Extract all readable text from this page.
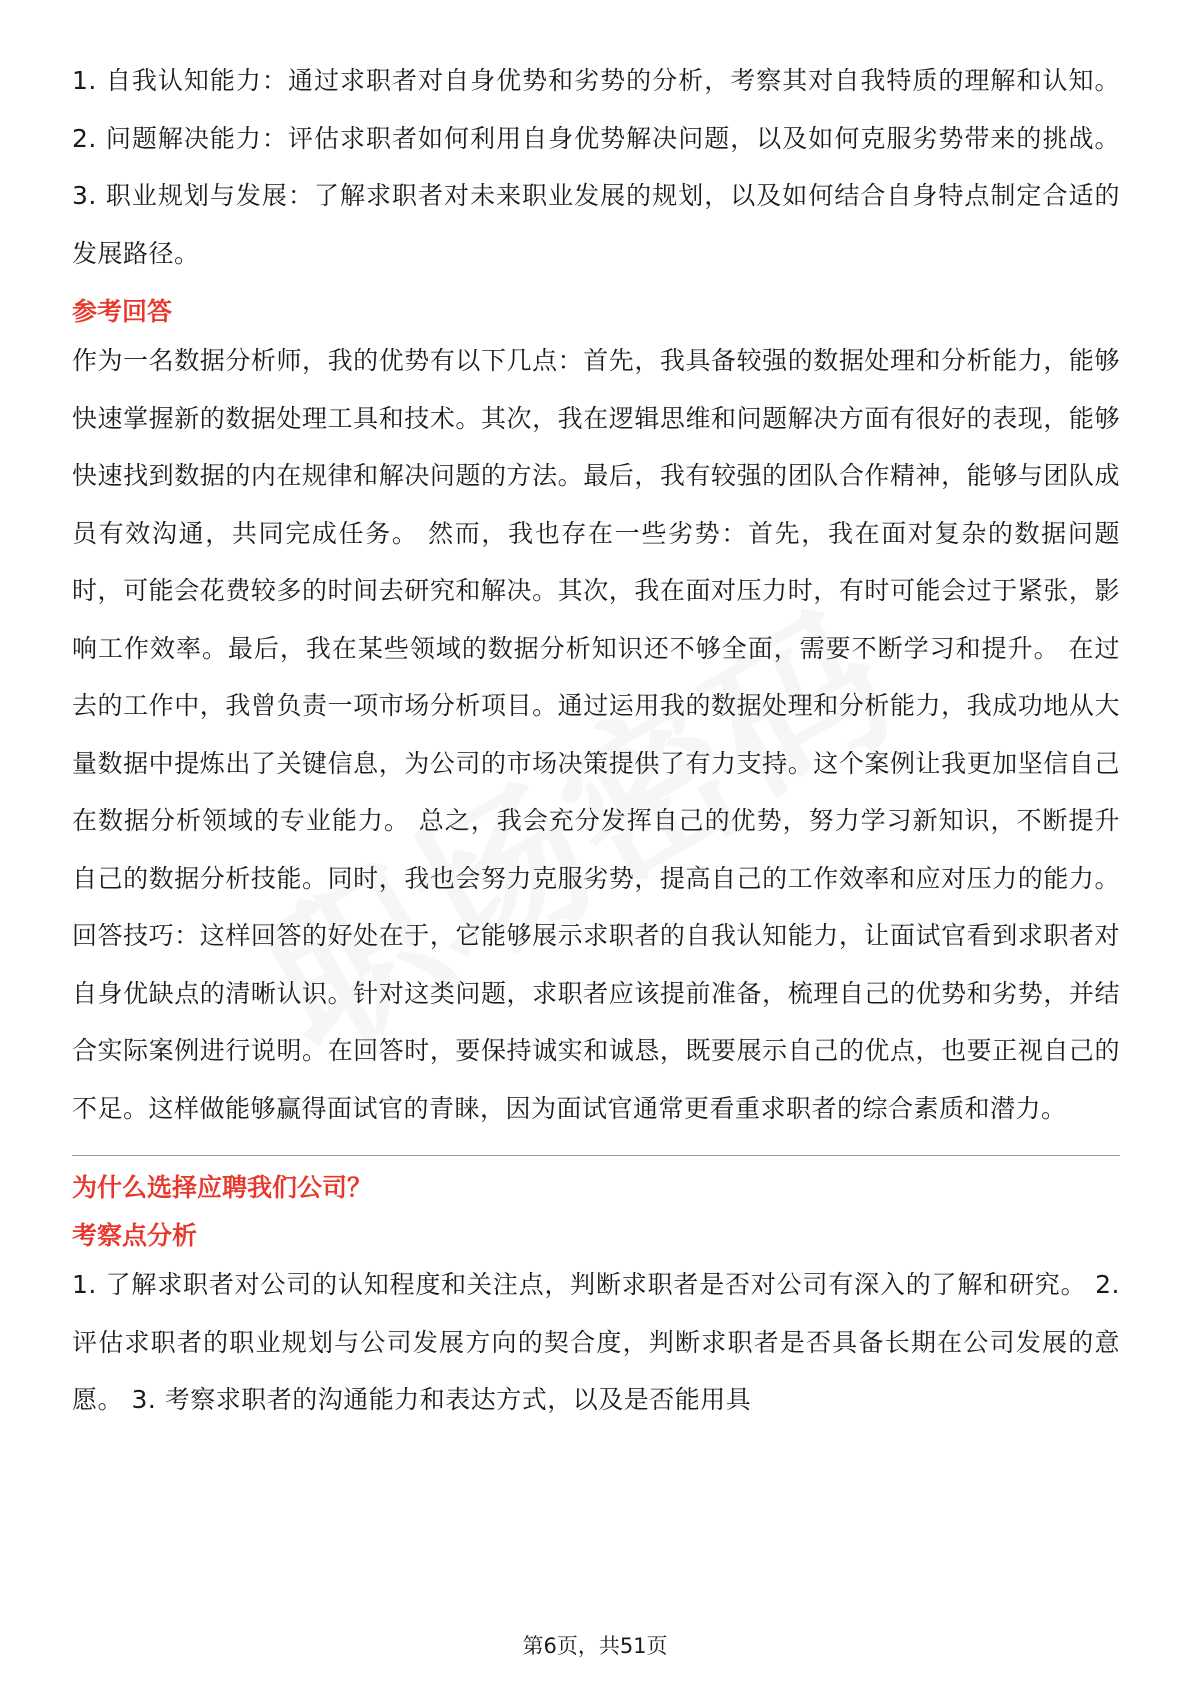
1. 自我认知能力：通过求职者对自身优势和劣势的分析，考察其对自我特质的理解和认知。 2. 问题解决能力：评估求职者如何利用自身优势解决问题，以及如何克服劣势带来的挑战。 3. 职业规划与发展：了解求职者对未来职业发展的规划，以及如何结合自身特点制定合适的发展路径。

参考回答

作为一名数据分析师，我的优势有以下几点：首先，我具备较强的数据处理和分析能力，能够快速掌握新的数据处理工具和技术。其次，我在逻辑思维和问题解决方面有很好的表现，能够快速找到数据的内在规律和解决问题的方法。最后，我有较强的团队合作精神，能够与团队成员有效沟通，共同完成任务。 然而，我也存在一些劣势：首先，我在面对复杂的数据问题时，可能会花费较多的时间去研究和解决。其次，我在面对压力时，有时可能会过于紧张，影响工作效率。最后，我在某些领域的数据分析知识还不够全面，需要不断学习和提升。 在过去的工作中，我曾负责一项市场分析项目。通过运用我的数据处理和分析能力，我成功地从大量数据中提炼出了关键信息，为公司的市场决策提供了有力支持。这个案例让我更加坚信自己在数据分析领域的专业能力。 总之，我会充分发挥自己的优势，努力学习新知识，不断提升自己的数据分析技能。同时，我也会努力克服劣势，提高自己的工作效率和应对压力的能力。 回答技巧：这样回答的好处在于，它能够展示求职者的自我认知能力，让面试官看到求职者对自身优缺点的清晰认识。针对这类问题，求职者应该提前准备，梳理自己的优势和劣势，并结合实际案例进行说明。在回答时，要保持诚实和诚恳，既要展示自己的优点，也要正视自己的不足。这样做能够赢得面试官的青睐，因为面试官通常更看重求职者的综合素质和潜力。

为什么选择应聘我们公司？

考察点分析

1. 了解求职者对公司的认知程度和关注点，判断求职者是否对公司有深入的了解和研究。 2. 评估求职者的职业规划与公司发展方向的契合度，判断求职者是否具备长期在公司发展的意愿。 3. 考察求职者的沟通能力和表达方式，以及是否能用具

第6页，共51页
